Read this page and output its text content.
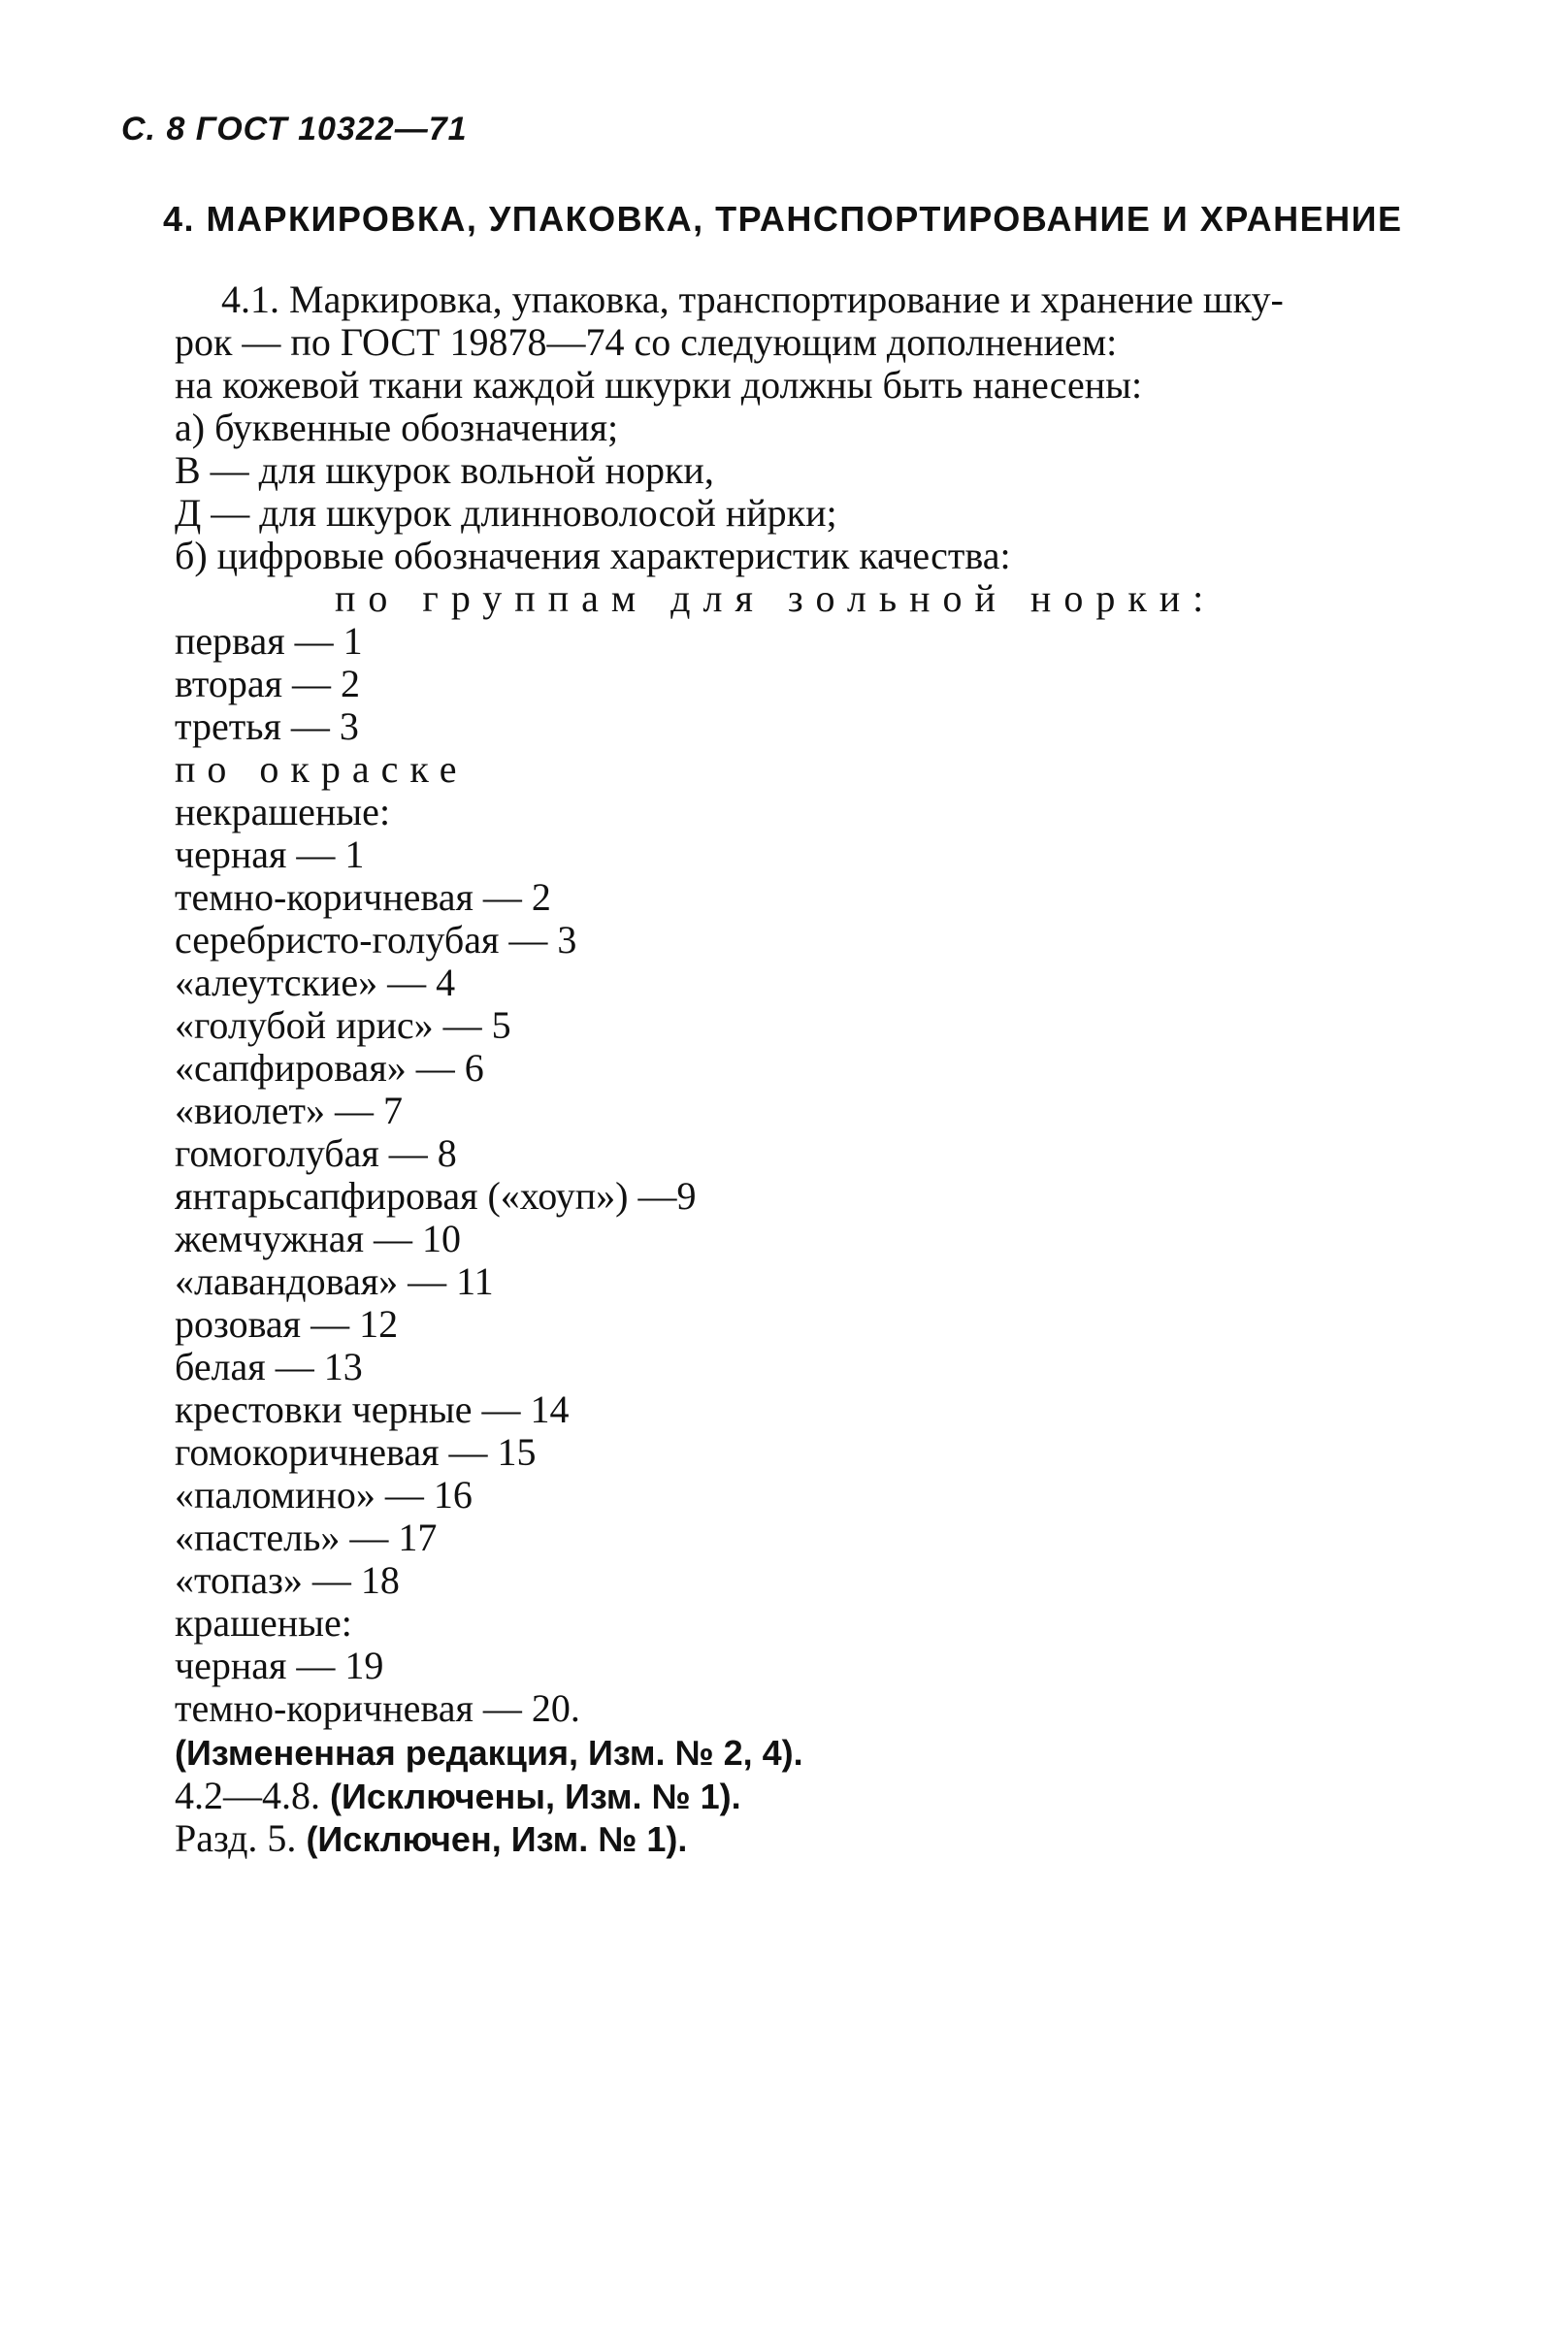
С. 8 ГОСТ 10322—71
4. МАРКИРОВКА, УПАКОВКА, ТРАНСПОРТИРОВАНИЕ И ХРАНЕНИЕ
4.1. Маркировка, упаковка, транспортирование и хранение шку-
рок — по ГОСТ 19878—74 со следующим дополнением:
на кожевой ткани каждой шкурки должны быть нанесены:
а) буквенные обозначения;
В — для шкурок вольной норки,
Д — для шкурок длинноволосой нйрки;
б) цифровые обозначения характеристик качества:
по группам для зольной норки:
первая — 1
вторая — 2
третья — 3
по окраске
некрашеные:
черная — 1
темно-коричневая — 2
серебристо-голубая — 3
«алеутские» — 4
«голубой ирис» — 5
«сапфировая» — 6
«виолет» — 7
гомоголубая — 8
янтарьсапфировая («хоуп») —9
жемчужная — 10
«лавандовая» — 11
розовая — 12
белая — 13
крестовки черные — 14
гомокоричневая — 15
«паломино» — 16
«пастель» — 17
«топаз» — 18
крашеные:
черная — 19
темно-коричневая — 20.
(Измененная редакция, Изм. № 2, 4).
4.2—4.8. (Исключены, Изм. № 1).
Разд. 5. (Исключен, Изм. № 1).
